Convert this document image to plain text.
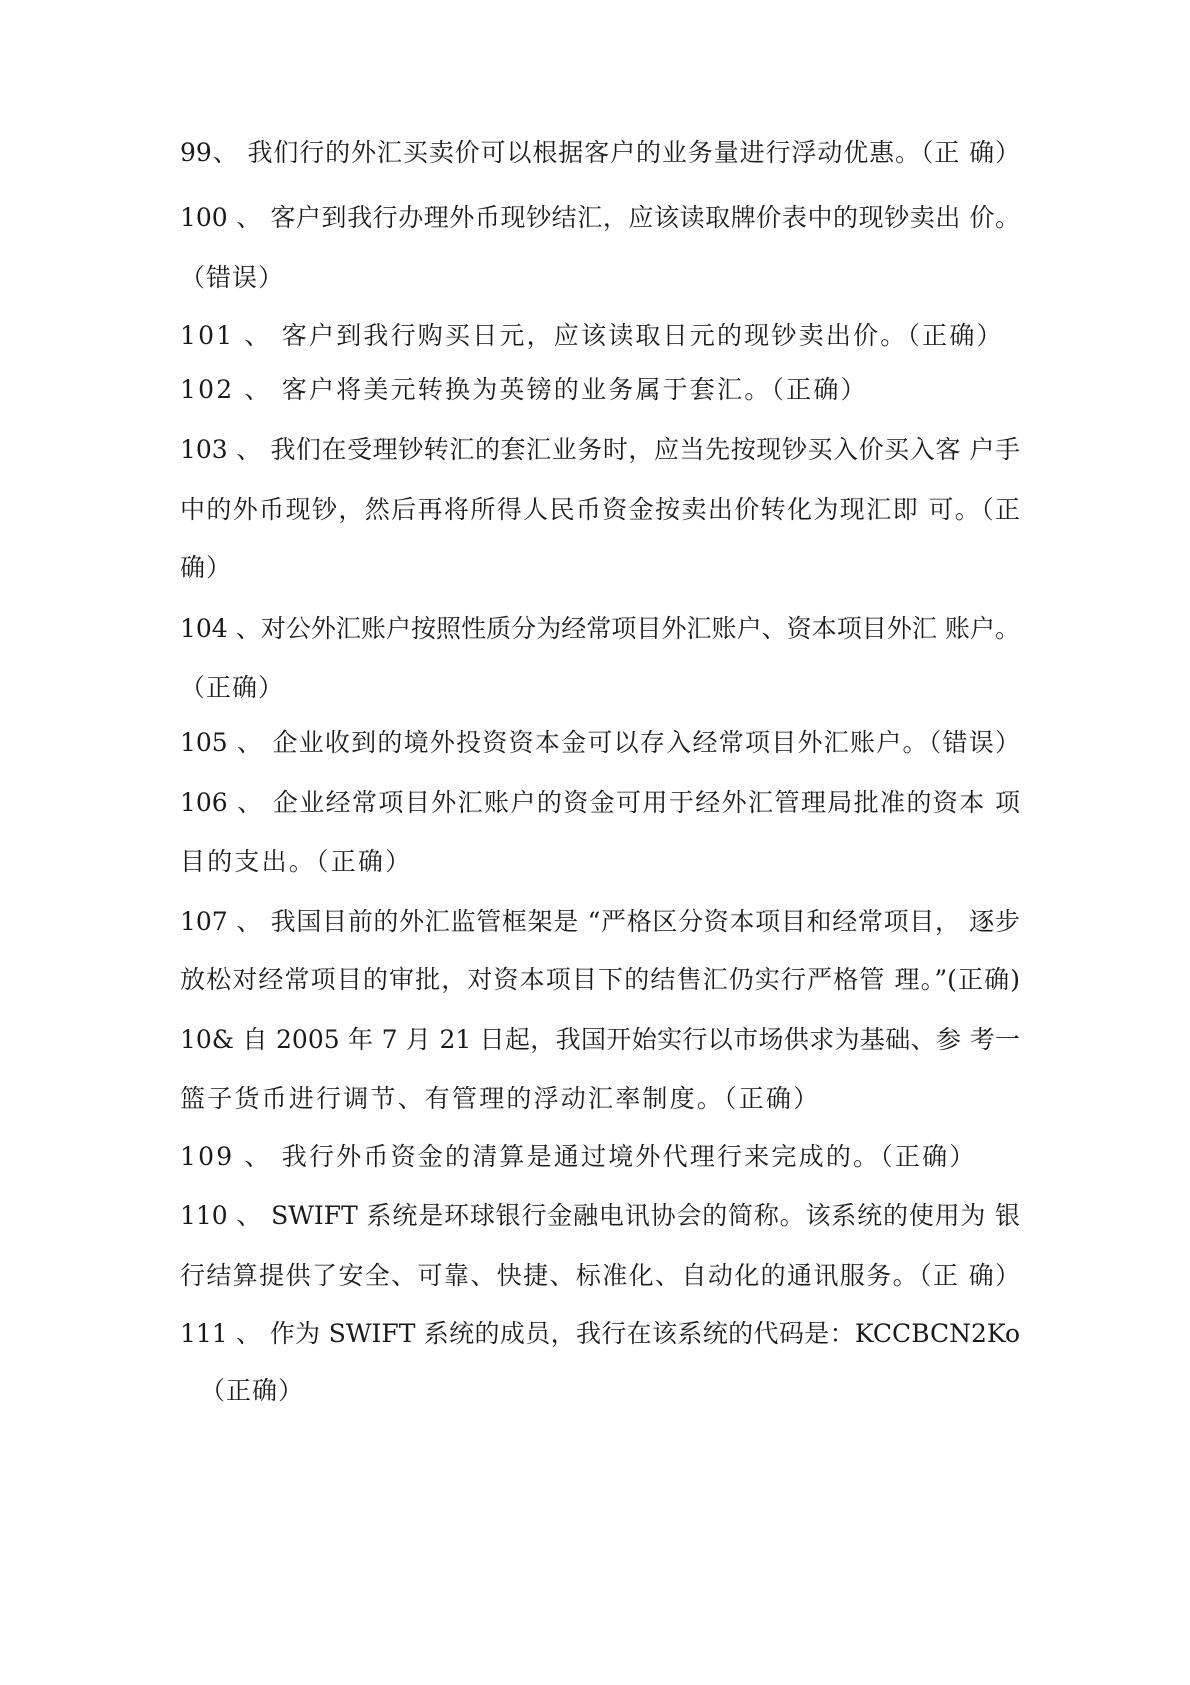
99、 我们行的外汇买卖价可以根据客户的业务量进行浮动优惠。（正 确）
100 、 客户到我行办理外币现钞结汇，应该读取牌价表中的现钞卖出 价。
（错误）
101 、 客户到我行购买日元，应该读取日元的现钞卖出价。（正确）
102 、 客户将美元转换为英镑的业务属于套汇。（正确）
103 、 我们在受理钞转汇的套汇业务时，应当先按现钞买入价买入客 户手
中的外币现钞，然后再将所得人民币资金按卖出价转化为现汇即 可。（正
确）
104 、对公外汇账户按照性质分为经常项目外汇账户、资本项目外汇 账户。
（正确）
105 、 企业收到的境外投资资本金可以存入经常项目外汇账户。（错误）
106 、 企业经常项目外汇账户的资金可用于经外汇管理局批准的资本 项
目的支出。（正确）
107 、 我国目前的外汇监管框架是 “严格区分资本项目和经常项目， 逐步
放松对经常项目的审批，对资本项目下的结售汇仍实行严格管 理。”(正确)
10& 自 2005 年 7 月 21 日起，我国开始实行以市场供求为基础、参 考一
篮子货币进行调节、有管理的浮动汇率制度。（正确）
109 、 我行外币资金的清算是通过境外代理行来完成的。（正确）
110 、 SWIFT 系统是环球银行金融电讯协会的简称。该系统的使用为 银
行结算提供了安全、可靠、快捷、标准化、自动化的通讯服务。（正 确）
111 、 作为 SWIFT 系统的成员，我行在该系统的代码是：KCCBCN2Ko
（正确）
